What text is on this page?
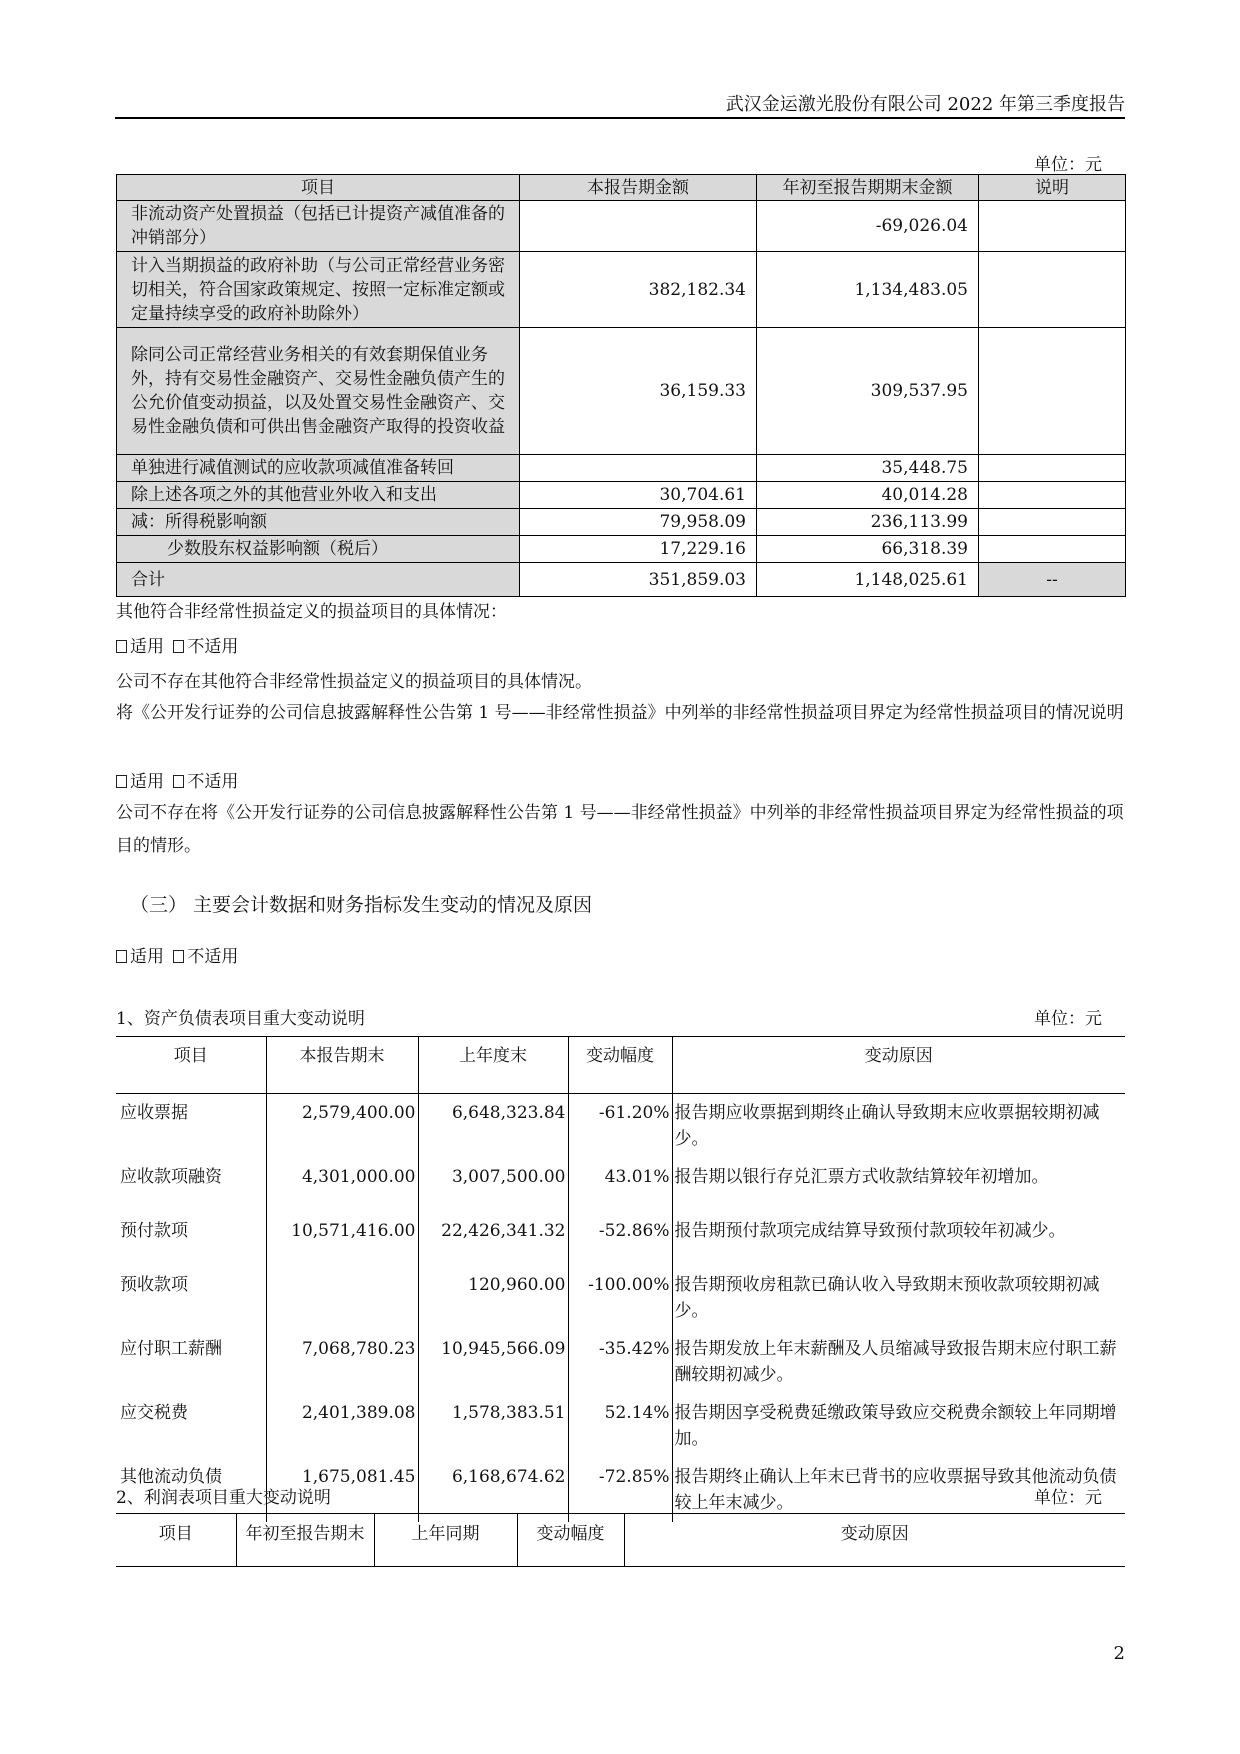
武汉金运激光股份有限公司 2022 年第三季度报告
单位：元
项目	本报告期金额	年初至报告期期末金额	说明
非流动资产处置损益（包括已计提资产减值准备的冲销部分）		-69,026.04	
计入当期损益的政府补助（与公司正常经营业务密切相关，符合国家政策规定、按照一定标准定额或定量持续享受的政府补助除外）	382,182.34	1,134,483.05	
除同公司正常经营业务相关的有效套期保值业务外，持有交易性金融资产、交易性金融负债产生的公允价值变动损益，以及处置交易性金融资产、交易性金融负债和可供出售金融资产取得的投资收益	36,159.33	309,537.95	
单独进行减值测试的应收款项减值准备转回		35,448.75	
除上述各项之外的其他营业外收入和支出	30,704.61	40,014.28	
减：所得税影响额	79,958.09	236,113.99	
少数股东权益影响额（税后）	17,229.16	66,318.39	
合计	351,859.03	1,148,025.61	--
其他符合非经常性损益定义的损益项目的具体情况：
适用 不适用
公司不存在其他符合非经常性损益定义的损益项目的具体情况。
将《公开发行证券的公司信息披露解释性公告第 1 号——非经常性损益》中列举的非经常性损益项目界定为经常性损益项目的情况说明
适用 不适用
公司不存在将《公开发行证券的公司信息披露解释性公告第 1 号——非经常性损益》中列举的非经常性损益项目界定为经常性损益的项目的情形。
（三） 主要会计数据和财务指标发生变动的情况及原因
适用 不适用
1、资产负债表项目重大变动说明	单位：元
项目	本报告期末	上年度末	变动幅度	变动原因
应收票据	2,579,400.00	6,648,323.84	-61.20%	报告期应收票据到期终止确认导致期末应收票据较期初减少。
应收款项融资	4,301,000.00	3,007,500.00	43.01%	报告期以银行存兑汇票方式收款结算较年初增加。
预付款项	10,571,416.00	22,426,341.32	-52.86%	报告期预付款项完成结算导致预付款项较年初减少。
预收款项		120,960.00	-100.00%	报告期预收房租款已确认收入导致期末预收款项较期初减少。
应付职工薪酬	7,068,780.23	10,945,566.09	-35.42%	报告期发放上年末薪酬及人员缩减导致报告期末应付职工薪酬较期初减少。
应交税费	2,401,389.08	1,578,383.51	52.14%	报告期因享受税费延缴政策导致应交税费余额较上年同期增加。
其他流动负债	1,675,081.45	6,168,674.62	-72.85%	报告期终止确认上年末已背书的应收票据导致其他流动负债较上年末减少。
2、利润表项目重大变动说明	单位：元
项目	年初至报告期末	上年同期	变动幅度	变动原因
2
